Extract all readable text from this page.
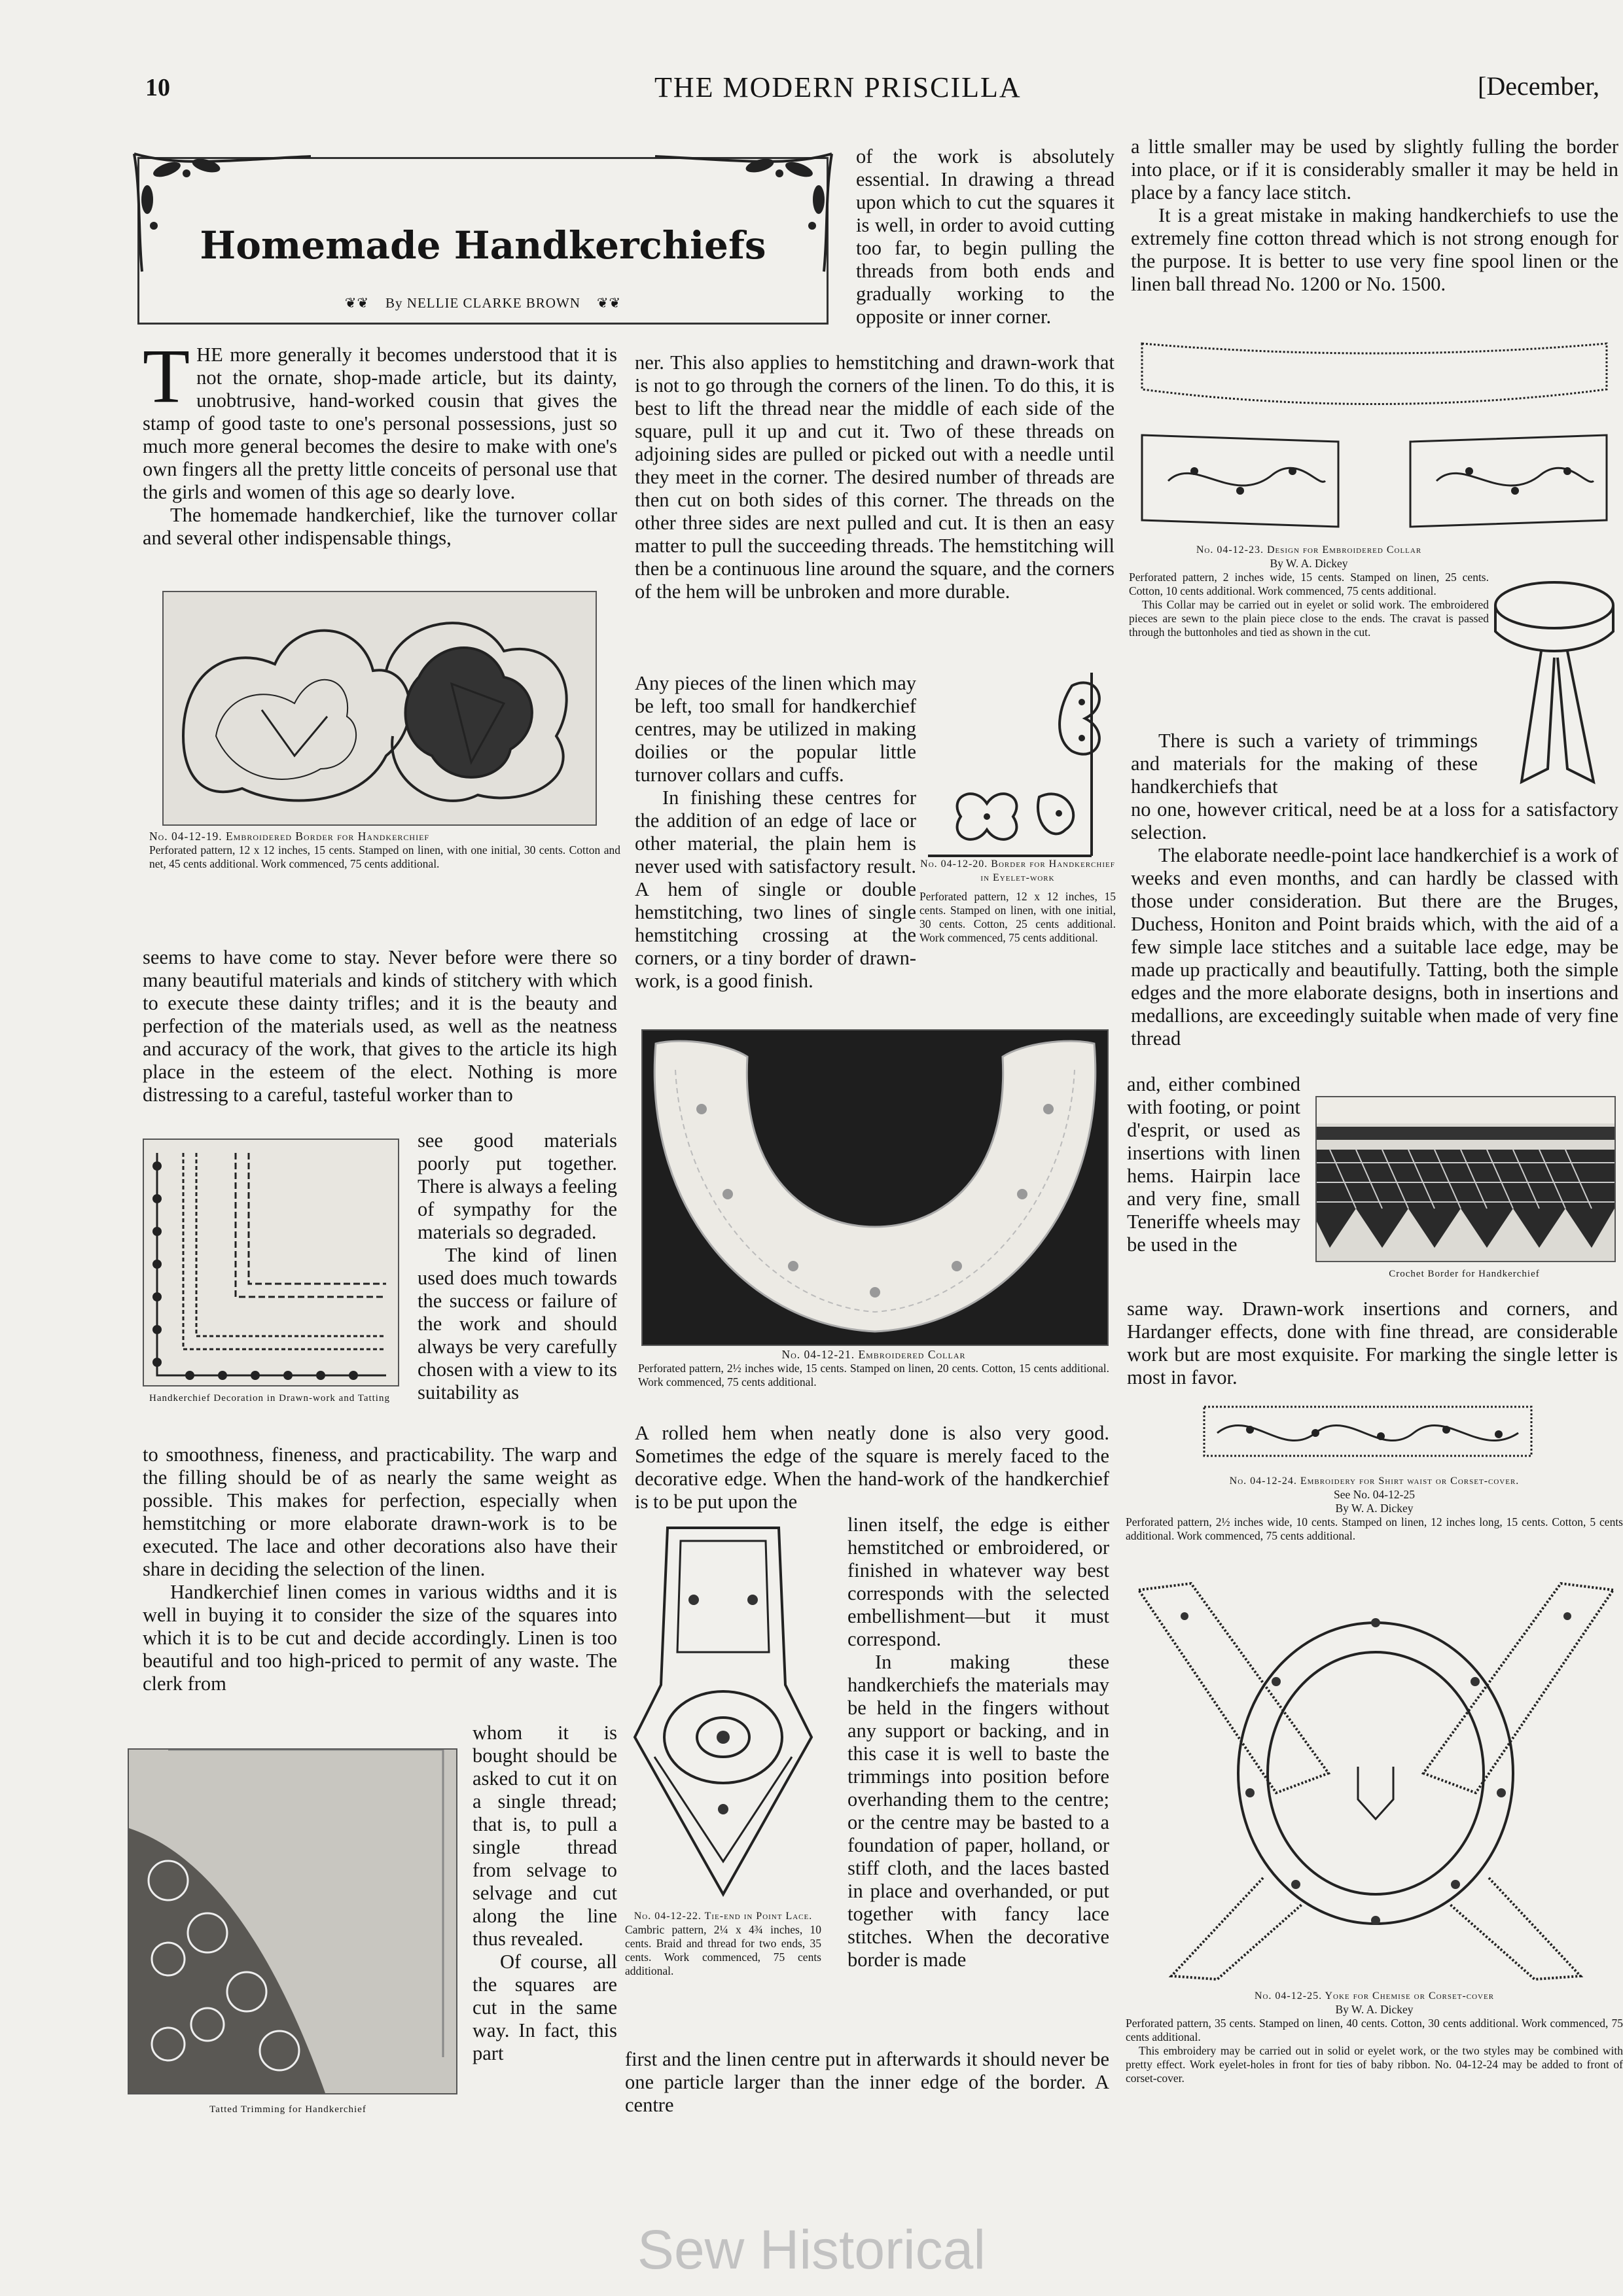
10	THE MODERN PRISCILLA	[December,
Homemade Handkerchiefs
❦❦ By NELLIE CLARKE BROWN ❦❦
T HE more generally it becomes understood that it is not the ornate, shop-made article, but its dainty, unobtrusive, hand-worked cousin that gives the stamp of good taste to one's personal possessions, just so much more general becomes the desire to make with one's own fingers all the pretty little conceits of personal use that the girls and women of this age so dearly love.

The homemade handkerchief, like the turnover collar and several other indispensable things,

No. 04-12-19. Embroidered Border for Handkerchief

Perforated pattern, 12 x 12 inches, 15 cents. Stamped on linen, with one initial, 30 cents. Cotton and net, 45 cents additional. Work commenced, 75 cents additional.

seems to have come to stay. Never before were there so many beautiful materials and kinds of stitchery with which to execute these dainty trifles; and it is the beauty and perfection of the materials used, as well as the neatness and accuracy of the work, that gives to the article its high place in the esteem of the elect. Nothing is more distressing to a careful, tasteful worker than to

Handkerchief Decoration in Drawn-work and Tatting

see good materials poorly put together. There is always a feeling of sympathy for the materials so degraded.

The kind of linen used does much towards the success or failure of the work and should always be very carefully chosen with a view to its suitability as

to smoothness, fineness, and practicability. The warp and the filling should be of as nearly the same weight as possible. This makes for perfection, especially when hemstitching or more elaborate drawn-work is to be executed. The lace and other decorations also have their share in deciding the selection of the linen.

Handkerchief linen comes in various widths and it is well in buying it to consider the size of the squares into which it is to be cut and decide accordingly. Linen is too beautiful and too high-priced to permit of any waste. The clerk from

Tatted Trimming for Handkerchief

whom it is bought should be asked to cut it on a single thread; that is, to pull a single thread from selvage to selvage and cut along the line thus revealed.

Of course, all the squares are cut in the same way. In fact, this part

of the work is absolutely essential. In drawing a thread upon which to cut the squares it is well, in order to avoid cutting too far, to begin pulling the threads from both ends and gradually working to the opposite or inner corner.

ner. This also applies to hemstitching and drawn-work that is not to go through the corners of the linen. To do this, it is best to lift the thread near the middle of each side of the square, pull it up and cut it. Two of these threads on adjoining sides are pulled or picked out with a needle until they meet in the corner. The desired number of threads are then cut on both sides of this corner. The threads on the other three sides are next pulled and cut. It is then an easy matter to pull the succeeding threads. The hemstitching will then be a continuous line around the square, and the corners of the hem will be unbroken and more durable.

Any pieces of the linen which may be left, too small for handkerchief centres, may be utilized in making doilies or the popular little turnover collars and cuffs.

In finishing these centres for the addition of an edge of lace or other material, the plain hem is never used with satisfactory result. A hem of single or double hemstitching, two lines of single hemstitching crossing at the corners, or a tiny border of drawn-work, is a good finish.

No. 04-12-20. Border for Handkerchief in Eyelet-work

Perforated pattern, 12 x 12 inches, 15 cents. Stamped on linen, with one initial, 30 cents. Cotton, 25 cents additional. Work commenced, 75 cents additional.

No. 04-12-21. Embroidered Collar

Perforated pattern, 2½ inches wide, 15 cents. Stamped on linen, 20 cents. Cotton, 15 cents additional. Work commenced, 75 cents additional.

A rolled hem when neatly done is also very good. Sometimes the edge of the square is merely faced to the decorative edge. When the hand-work of the handkerchief is to be put upon the

No. 04-12-22. Tie-end in Point Lace.

Cambric pattern, 2¼ x 4¾ inches, 10 cents. Braid and thread for two ends, 35 cents. Work commenced, 75 cents additional.

linen itself, the edge is either hemstitched or embroidered, or finished in whatever way best corresponds with the selected embellishment—but it must correspond.

In making these handkerchiefs the materials may be held in the fingers without any support or backing, and in this case it is well to baste the trimmings into position before overhanding them to the centre; or the centre may be basted to a foundation of paper, holland, or stiff cloth, and the laces basted in place and overhanded, or put together with fancy lace stitches. When the decorative border is made

first and the linen centre put in afterwards it should never be one particle larger than the inner edge of the border. A centre

a little smaller may be used by slightly fulling the border into place, or if it is considerably smaller it may be held in place by a fancy lace stitch.

It is a great mistake in making handkerchiefs to use the extremely fine cotton thread which is not strong enough for the purpose. It is better to use very fine spool linen or the linen ball thread No. 1200 or No. 1500.

No. 04-12-23. Design for Embroidered Collar

By W. A. Dickey

Perforated pattern, 2 inches wide, 15 cents. Stamped on linen, 25 cents. Cotton, 10 cents additional. Work commenced, 75 cents additional.

This Collar may be carried out in eyelet or solid work. The embroidered pieces are sewn to the plain piece close to the ends. The cravat is passed through the buttonholes and tied as shown in the cut.

There is such a variety of trimmings and materials for the making of these handkerchiefs that

no one, however critical, need be at a loss for a satisfactory selection.

The elaborate needle-point lace handkerchief is a work of weeks and even months, and can hardly be classed with those under consideration. But there are the Bruges, Duchess, Honiton and Point braids which, with the aid of a few simple lace stitches and a suitable lace edge, may be made up practically and beautifully. Tatting, both the simple edges and the more elaborate designs, both in insertions and medallions, are exceedingly suitable when made of very fine thread

Crochet Border for Handkerchief

and, either combined with footing, or point d'esprit, or used as insertions with linen hems. Hairpin lace and very fine, small Teneriffe wheels may be used in the

same way. Drawn-work insertions and corners, and Hardanger effects, done with fine thread, are considerable work but are most exquisite. For marking the single letter is most in favor.

No. 04-12-24. Embroidery for Shirt waist or Corset-cover.

See No. 04-12-25

By W. A. Dickey

Perforated pattern, 2½ inches wide, 10 cents. Stamped on linen, 12 inches long, 15 cents. Cotton, 5 cents additional. Work commenced, 75 cents additional.

No. 04-12-25. Yoke for Chemise or Corset-cover

By W. A. Dickey

Perforated pattern, 35 cents. Stamped on linen, 40 cents. Cotton, 30 cents additional. Work commenced, 75 cents additional.

This embroidery may be carried out in solid or eyelet work, or the two styles may be combined with pretty effect. Work eyelet-holes in front for ties of baby ribbon. No. 04-12-24 may be added to front of corset-cover.

Sew Historical
